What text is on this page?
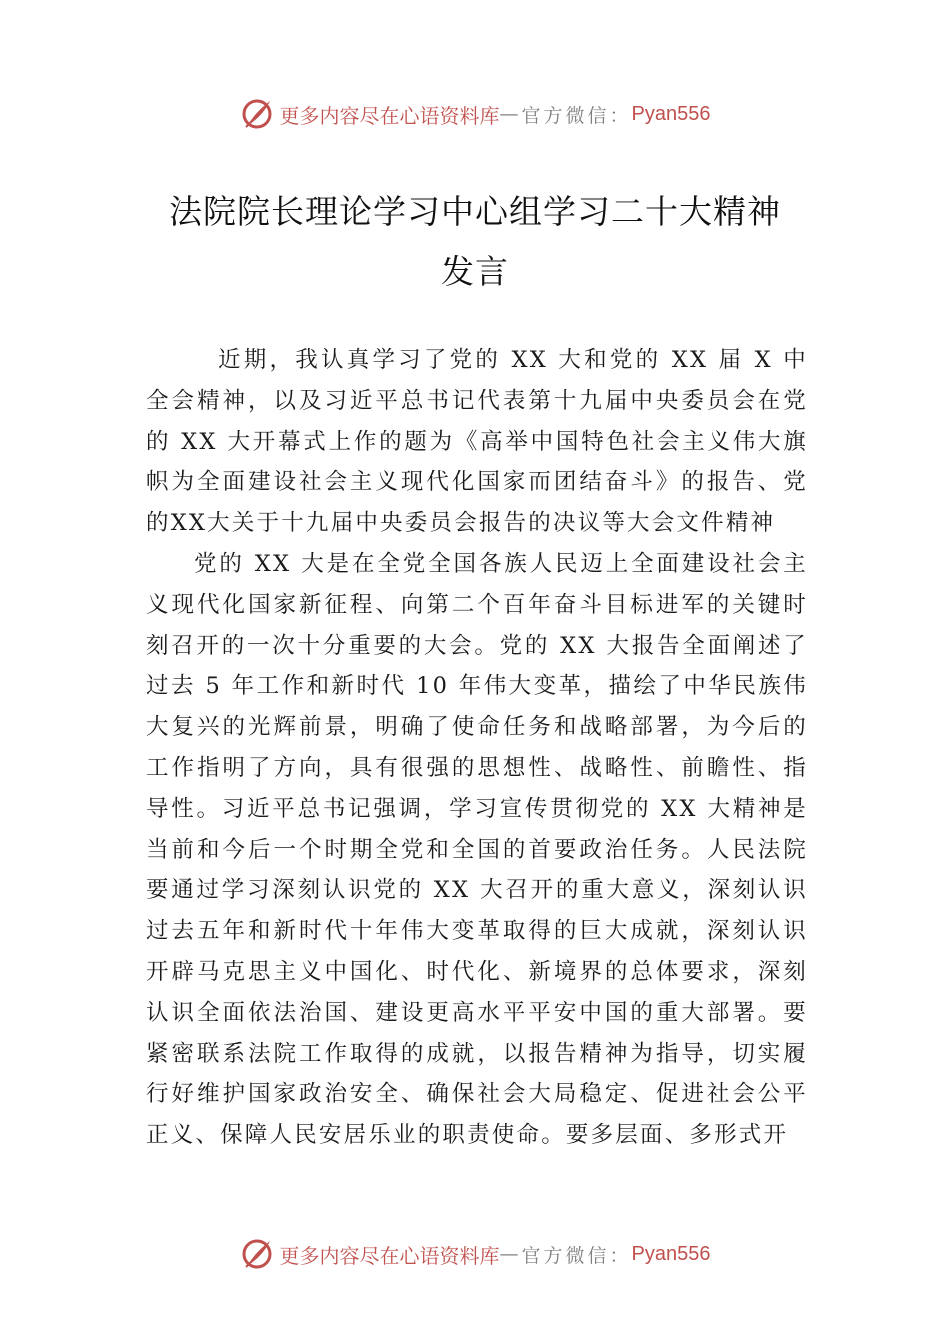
更多内容尽在心语资料库 — 官方微信： Pyan556
法院院长理论学习中心组学习二十大精神
发言

近期，我认真学习了党的 XX 大和党的 XX 届 X 中全会精神，以及习近平总书记代表第十九届中央委员会在党的 XX 大开幕式上作的题为《高举中国特色社会主义伟大旗帜为全面建设社会主义现代化国家而团结奋斗》的报告、党的XX大关于十九届中央委员会报告的决议等大会文件精神

党的 XX 大是在全党全国各族人民迈上全面建设社会主义现代化国家新征程、向第二个百年奋斗目标进军的关键时刻召开的一次十分重要的大会。党的 XX 大报告全面阐述了过去 5 年工作和新时代 10 年伟大变革，描绘了中华民族伟大复兴的光辉前景，明确了使命任务和战略部署，为今后的工作指明了方向，具有很强的思想性、战略性、前瞻性、指导性。习近平总书记强调，学习宣传贯彻党的 XX 大精神是当前和今后一个时期全党和全国的首要政治任务。人民法院要通过学习深刻认识党的 XX 大召开的重大意义，深刻认识过去五年和新时代十年伟大变革取得的巨大成就，深刻认识开辟马克思主义中国化、时代化、新境界的总体要求，深刻认识全面依法治国、建设更高水平平安中国的重大部署。要紧密联系法院工作取得的成就，以报告精神为指导，切实履行好维护国家政治安全、确保社会大局稳定、促进社会公平正义、保障人民安居乐业的职责使命。要多层面、多形式开

更多内容尽在心语资料库 — 官方微信： Pyan556
